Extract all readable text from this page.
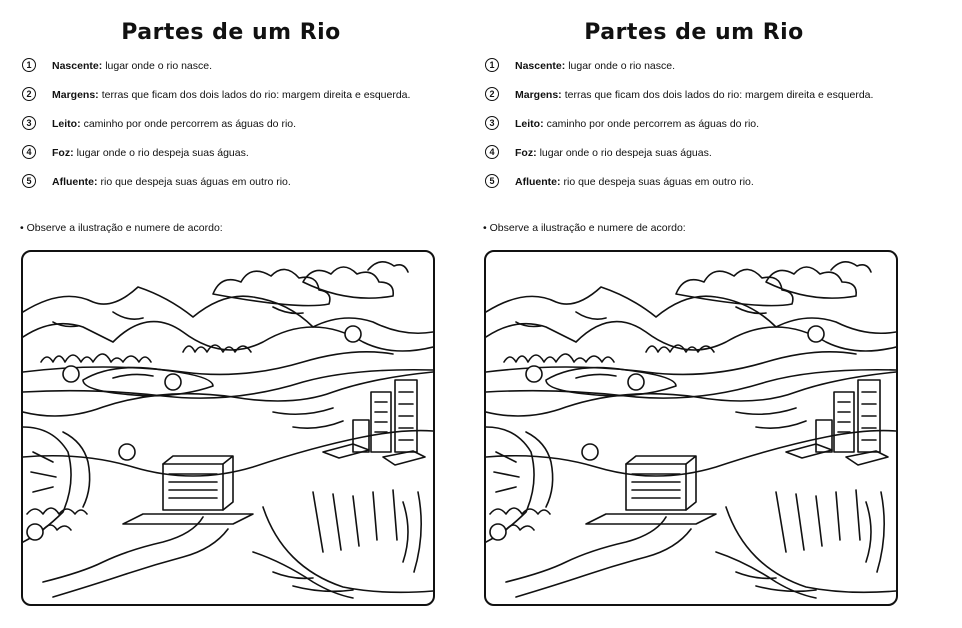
Partes de um Rio
1	Nascente: lugar onde o rio nasce.
2	Margens: terras que ficam dos dois lados do rio: margem direita e esquerda.
3	Leito: caminho por onde percorrem as águas do rio.
4	Foz: lugar onde o rio despeja suas águas.
5	Afluente: rio que despeja suas águas em outro rio.
• Observe a ilustração e numere de acordo:
Partes de um Rio
1	Nascente: lugar onde o rio nasce.
2	Margens: terras que ficam dos dois lados do rio: margem direita e esquerda.
3	Leito: caminho por onde percorrem as águas do rio.
4	Foz: lugar onde o rio despeja suas águas.
5	Afluente: rio que despeja suas águas em outro rio.
• Observe a ilustração e numere de acordo:
